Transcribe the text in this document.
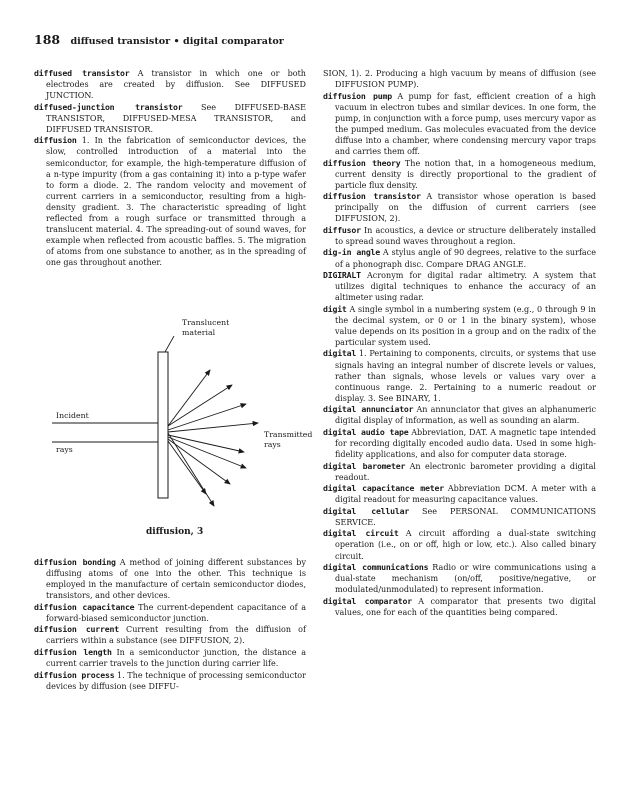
188 diffused transistor • digital comparator
diffused transistor A transistor in which one or both electrodes are created by diffusion. See DIFFUSED JUNCTION.
diffused-junction transistor See DIFFUSED-BASE TRANSISTOR, DIFFUSED-MESA TRANSISTOR, and DIFFUSED TRANSISTOR.
diffusion 1. In the fabrication of semiconductor devices, the slow, controlled introduction of a material into the semiconductor, for example, the high-temperature diffusion of a n-type impurity (from a gas containing it) into a p-type wafer to form a diode. 2. The random velocity and movement of current carriers in a semiconductor, resulting from a high-density gradient. 3. The characteristic spreading of light reflected from a rough surface or transmitted through a translucent material. 4. The spreading-out of sound waves, for example when reflected from acoustic baffles. 5. The migration of atoms from one substance to another, as in the spreading of one gas throughout another.
Translucent
material
Incident
rays
Transmitted
rays
diffusion, 3
diffusion bonding A method of joining different substances by diffusing atoms of one into the other. This technique is employed in the manufacture of certain semiconductor diodes, transistors, and other devices.
diffusion capacitance The current-dependent capacitance of a forward-biased semiconductor junction.
diffusion current Current resulting from the diffusion of carriers within a substance (see DIFFUSION, 2).
diffusion length In a semiconductor junction, the distance a current carrier travels to the junction during carrier life.
diffusion process 1. The technique of processing semiconductor devices by diffusion (see DIFFU-
SION, 1). 2. Producing a high vacuum by means of diffusion (see DIFFUSION PUMP).
diffusion pump A pump for fast, efficient creation of a high vacuum in electron tubes and similar devices. In one form, the pump, in conjunction with a force pump, uses mercury vapor as the pumped medium. Gas molecules evacuated from the device diffuse into a chamber, where condensing mercury vapor traps and carries them off.
diffusion theory The notion that, in a homogeneous medium, current density is directly proportional to the gradient of particle flux density.
diffusion transistor A transistor whose operation is based principally on the diffusion of current carriers (see DIFFUSION, 2).
diffusor In acoustics, a device or structure deliberately installed to spread sound waves throughout a region.
dig-in angle A stylus angle of 90 degrees, relative to the surface of a phonograph disc. Compare DRAG ANGLE.
DIGIRALT Acronym for digital radar altimetry. A system that utilizes digital techniques to enhance the accuracy of an altimeter using radar.
digit A single symbol in a numbering system (e.g., 0 through 9 in the decimal system, or 0 or 1 in the binary system), whose value depends on its position in a group and on the radix of the particular system used.
digital 1. Pertaining to components, circuits, or systems that use signals having an integral number of discrete levels or values, rather than signals, whose levels or values vary over a continuous range. 2. Pertaining to a numeric readout or display. 3. See BINARY, 1.
digital annunciator An annunciator that gives an alphanumeric digital display of information, as well as sounding an alarm.
digital audio tape Abbreviation, DAT. A magnetic tape intended for recording digitally encoded audio data. Used in some high-fidelity applications, and also for computer data storage.
digital barometer An electronic barometer providing a digital readout.
digital capacitance meter Abbreviation DCM. A meter with a digital readout for measuring capacitance values.
digital cellular See PERSONAL COMMUNICATIONS SERVICE.
digital circuit A circuit affording a dual-state switching operation (i.e., on or off, high or low, etc.). Also called binary circuit.
digital communications Radio or wire communications using a dual-state mechanism (on/off, positive/negative, or modulated/unmodulated) to represent information.
digital comparator A comparator that presents two digital values, one for each of the quantities being compared.
